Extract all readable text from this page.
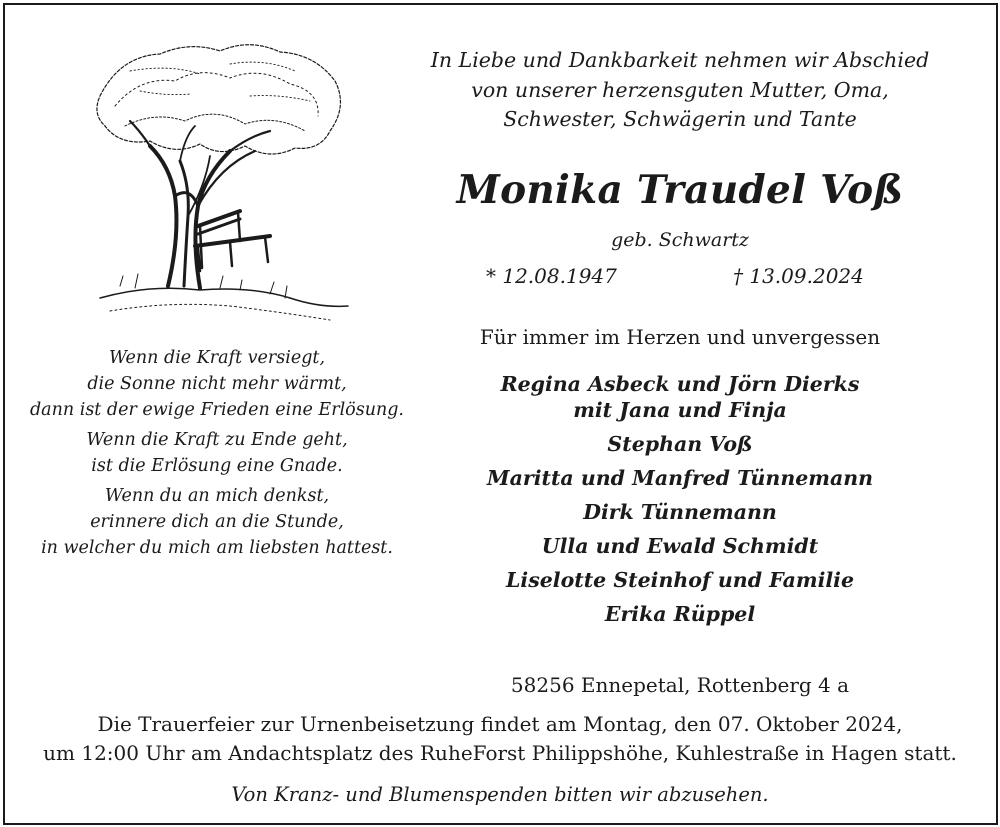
In Liebe und Dankbarkeit nehmen wir Abschied
von unserer herzensguten Mutter, Oma,
Schwester, Schwägerin und Tante
Monika Traudel Voß
geb. Schwartz
* 12.08.1947	† 13.09.2024
Für immer im Herzen und unvergessen
Regina Asbeck und Jörn Dierks
mit Jana und Finja
Stephan Voß
Maritta und Manfred Tünnemann
Dirk Tünnemann
Ulla und Ewald Schmidt
Liselotte Steinhof und Familie
Erika Rüppel
Wenn die Kraft versiegt,
die Sonne nicht mehr wärmt,
dann ist der ewige Frieden eine Erlösung.
Wenn die Kraft zu Ende geht,
ist die Erlösung eine Gnade.
Wenn du an mich denkst,
erinnere dich an die Stunde,
in welcher du mich am liebsten hattest.
58256 Ennepetal, Rottenberg 4 a
Die Trauerfeier zur Urnenbeisetzung findet am Montag, den 07. Oktober 2024,
um 12:00 Uhr am Andachtsplatz des RuheForst Philippshöhe, Kuhlestraße in Hagen statt.
Von Kranz- und Blumenspenden bitten wir abzusehen.
